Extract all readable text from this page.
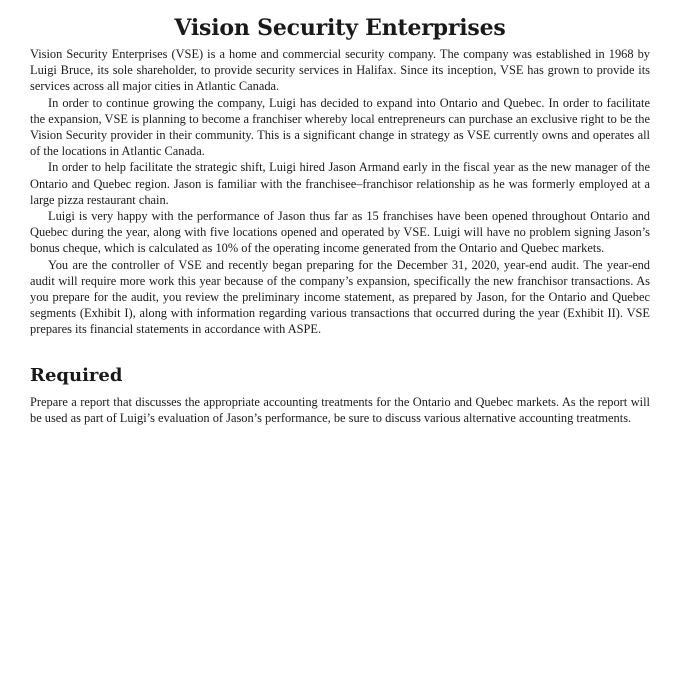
Vision Security Enterprises

Vision Security Enterprises (VSE) is a home and commercial security company. The company was established in 1968 by Luigi Bruce, its sole shareholder, to provide security services in Halifax. Since its inception, VSE has grown to provide its services across all major cities in Atlantic Canada.

In order to continue growing the company, Luigi has decided to expand into Ontario and Quebec. In order to facilitate the expansion, VSE is planning to become a franchiser whereby local entrepreneurs can purchase an exclusive right to be the Vision Security provider in their community. This is a significant change in strategy as VSE currently owns and operates all of the locations in Atlantic Canada.

In order to help facilitate the strategic shift, Luigi hired Jason Armand early in the fiscal year as the new manager of the Ontario and Quebec region. Jason is familiar with the franchisee–franchisor relationship as he was formerly employed at a large pizza restaurant chain.

Luigi is very happy with the performance of Jason thus far as 15 franchises have been opened throughout Ontario and Quebec during the year, along with five locations opened and operated by VSE. Luigi will have no problem signing Jason’s bonus cheque, which is calculated as 10% of the operating income generated from the Ontario and Quebec markets.

You are the controller of VSE and recently began preparing for the December 31, 2020, year-end audit. The year-end audit will require more work this year because of the company’s expansion, specifically the new franchisor transactions. As you prepare for the audit, you review the preliminary income statement, as prepared by Jason, for the Ontario and Quebec segments (Exhibit I), along with information regarding various transactions that occurred during the year (Exhibit II). VSE prepares its financial statements in accordance with ASPE.

Required

Prepare a report that discusses the appropriate accounting treatments for the Ontario and Quebec markets. As the report will be used as part of Luigi’s evaluation of Jason’s performance, be sure to discuss various alternative accounting treatments.
